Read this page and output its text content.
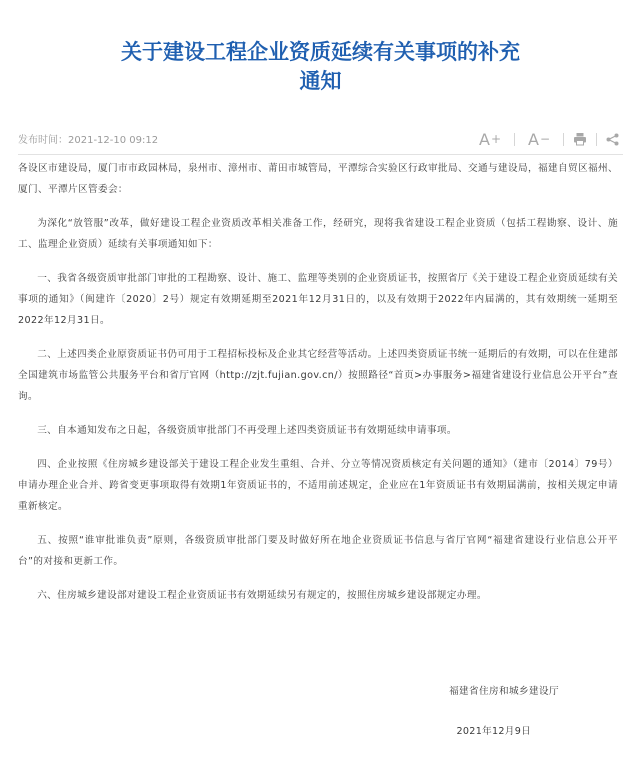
关于建设工程企业资质延续有关事项的补充
通知
发布时间：2021-12-10 09:12	A + A −

各设区市建设局，厦门市市政园林局，泉州市、漳州市、莆田市城管局，平潭综合实验区行政审批局、交通与建设局，福建自贸区福州、厦门、平潭片区管委会：

为深化“放管服”改革，做好建设工程企业资质改革相关准备工作，经研究，现将我省建设工程企业资质（包括工程勘察、设计、施工、监理企业资质）延续有关事项通知如下：

一、我省各级资质审批部门审批的工程勘察、设计、施工、监理等类别的企业资质证书，按照省厅《关于建设工程企业资质延续有关事项的通知》（闽建许〔2020〕2号）规定有效期延期至2021年12月31日的，以及有效期于2022年内届满的，其有效期统一延期至2022年12月31日。

二、上述四类企业原资质证书仍可用于工程招标投标及企业其它经营等活动。上述四类资质证书统一延期后的有效期，可以在住建部全国建筑市场监管公共服务平台和省厅官网（http://zjt.fujian.gov.cn/）按照路径“首页>办事服务>福建省建设行业信息公开平台”查询。

三、自本通知发布之日起，各级资质审批部门不再受理上述四类资质证书有效期延续申请事项。

四、企业按照《住房城乡建设部关于建设工程企业发生重组、合并、分立等情况资质核定有关问题的通知》（建市〔2014〕79号）申请办理企业合并、跨省变更事项取得有效期1年资质证书的，不适用前述规定，企业应在1年资质证书有效期届满前，按相关规定申请重新核定。

五、按照“谁审批谁负责”原则，各级资质审批部门要及时做好所在地企业资质证书信息与省厅官网“福建省建设行业信息公开平台”的对接和更新工作。

六、住房城乡建设部对建设工程企业资质证书有效期延续另有规定的，按照住房城乡建设部规定办理。

福建省住房和城乡建设厅
2021年12月9日
